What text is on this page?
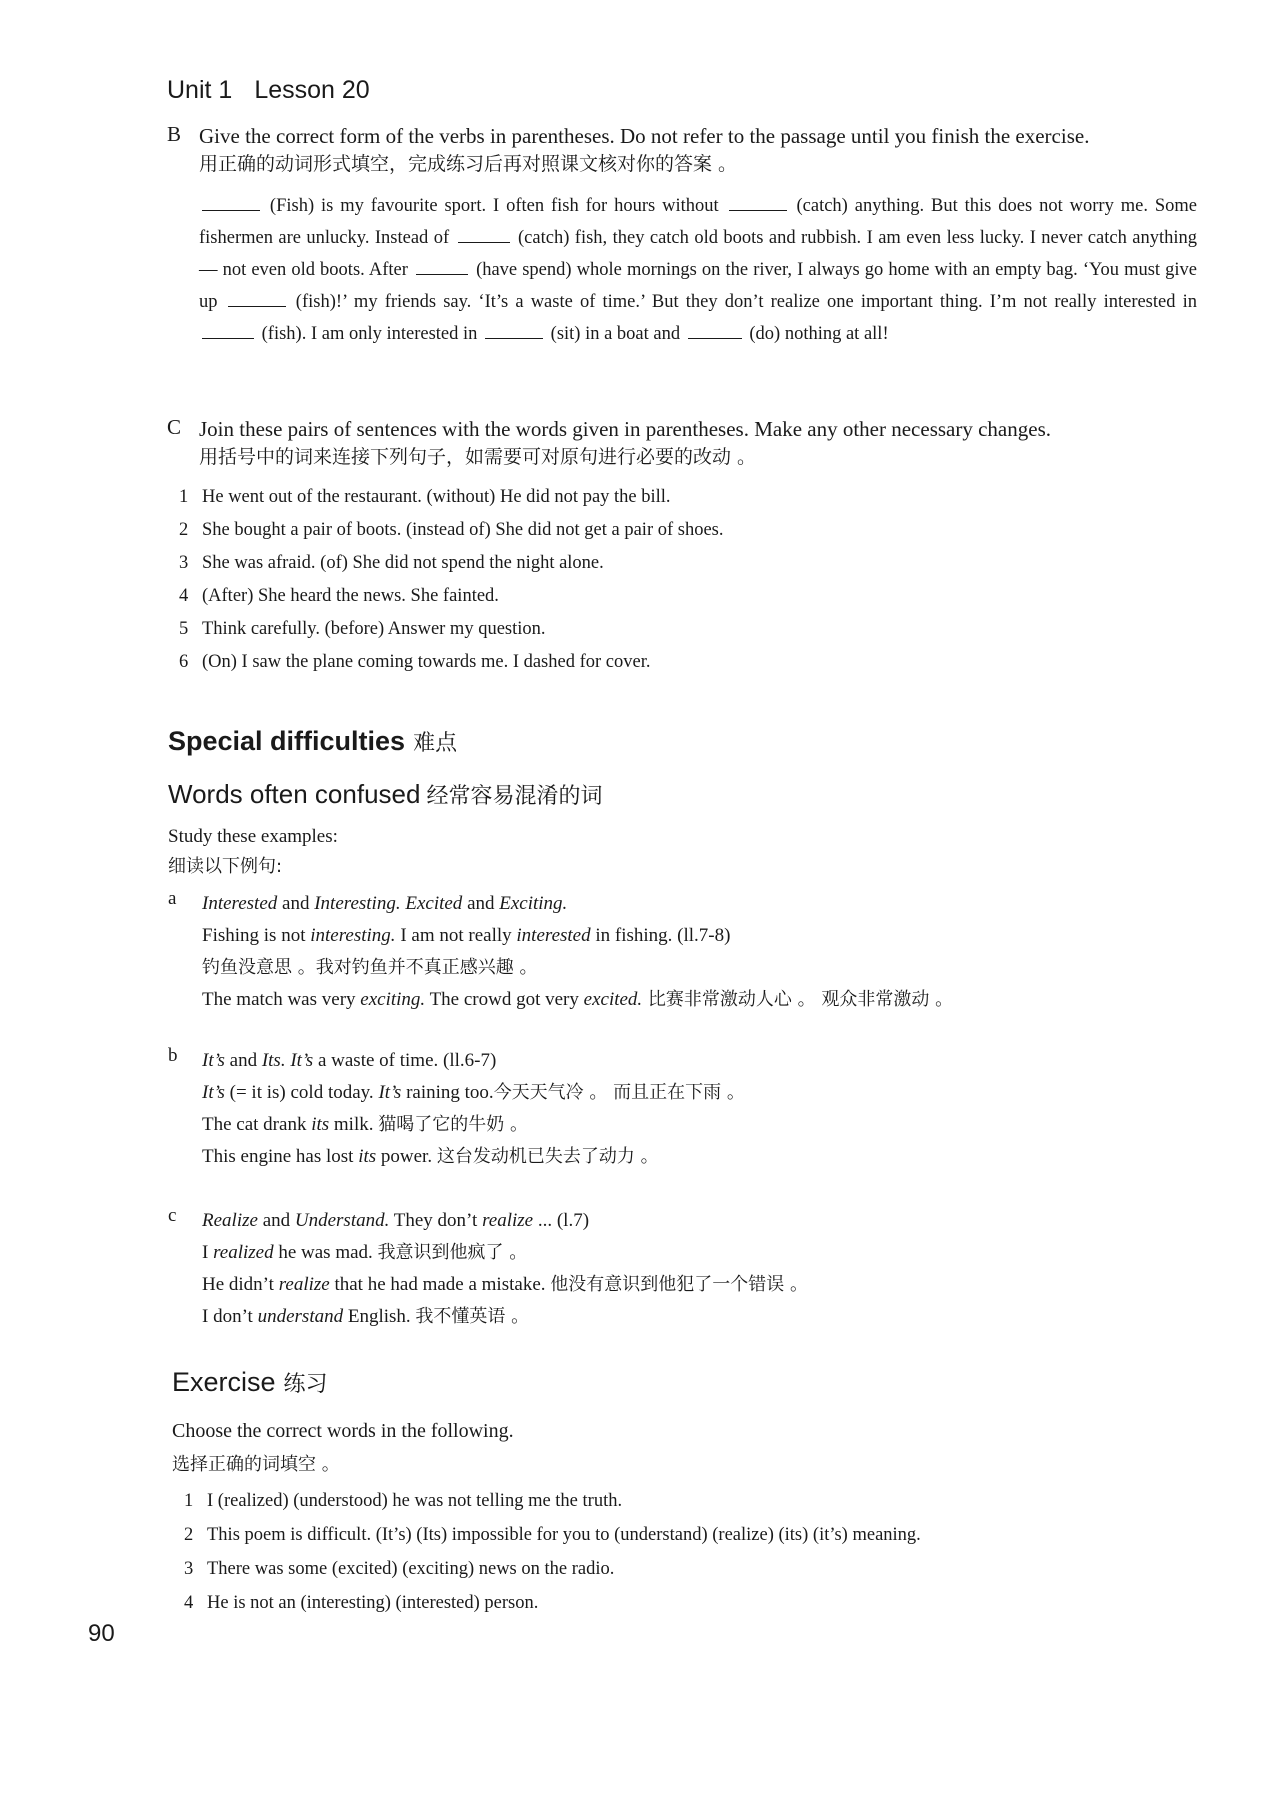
Unit 1 Lesson 20
B Give the correct form of the verbs in parentheses. Do not refer to the passage until you finish the exercise.
用正确的动词形式填空，完成练习后再对照课文核对你的答案 。
(Fish) is my favourite sport. I often fish for hours without	(catch) anything. But this does not worry me. Some fishermen are unlucky. Instead of	(catch) fish, they catch old boots and rubbish. I am even less lucky. I never catch anything — not even old boots. After	(have spend) whole mornings on the river, I always go home with an empty bag. ‘You must give up	(fish)!’ my friends say. ‘It’s a waste of time.’ But they don’t realize one important thing. I’m not really interested in  (fish). I am only interested in	(sit) in a boat and	(do) nothing at all!
C Join these pairs of sentences with the words given in parentheses. Make any other necessary changes.
用括号中的词来连接下列句子，如需要可对原句进行必要的改动 。
1 He went out of the restaurant. (without) He did not pay the bill.
2 She bought a pair of boots. (instead of) She did not get a pair of shoes.
3 She was afraid. (of) She did not spend the night alone.
4 (After) She heard the news. She fainted.
5 Think carefully. (before) Answer my question.
6 (On) I saw the plane coming towards me. I dashed for cover.
Special difficulties 难点
Words often confused 经常容易混淆的词
Study these examples:
细读以下例句:
a Interested and Interesting. Excited and Exciting.
Fishing is not interesting. I am not really interested in fishing. (ll.7-8)
钓鱼没意思 。我对钓鱼并不真正感兴趣 。
The match was very exciting. The crowd got very excited. 比赛非常激动人心 。 观众非常激动 。
b It’s and Its. It’s a waste of time. (ll.6-7)
It’s (= it is) cold today. It’s raining too.今天天气冷 。 而且正在下雨 。
The cat drank its milk. 猫喝了它的牛奶 。
This engine has lost its power. 这台发动机已失去了动力 。
c Realize and Understand. They don’t realize ... (l.7)
I realized he was mad. 我意识到他疯了 。
He didn’t realize that he had made a mistake. 他没有意识到他犯了一个错误 。
I don’t understand English. 我不懂英语 。
Exercise 练习
Choose the correct words in the following.
选择正确的词填空 。
1 I (realized) (understood) he was not telling me the truth.
2 This poem is difficult. (It’s) (Its) impossible for you to (understand) (realize) (its) (it’s) meaning.
3 There was some (excited) (exciting) news on the radio.
4 He is not an (interesting) (interested) person.
90
